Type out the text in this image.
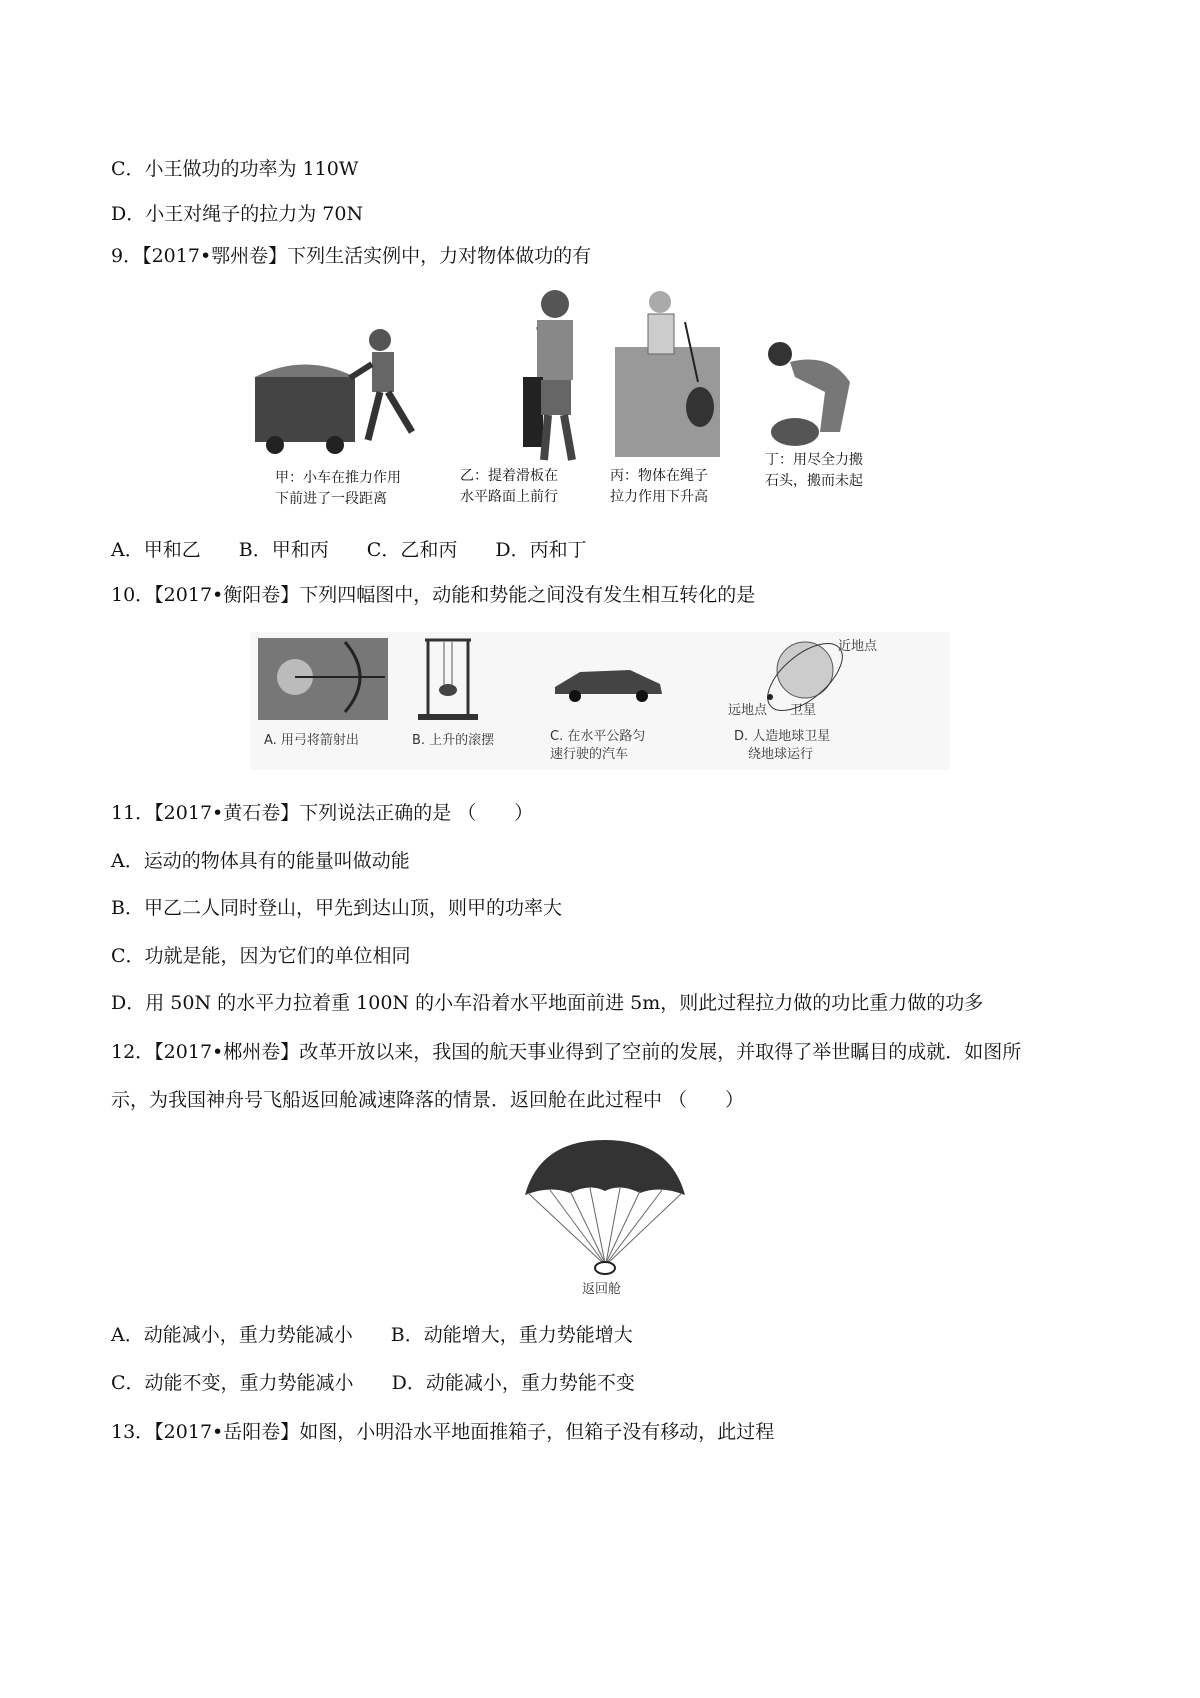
C．小王做功的功率为 110W
D．小王对绳子的拉力为 70N
9．【2017•鄂州卷】下列生活实例中，力对物体做功的有
甲：小车在推力作用
下前进了一段距离
乙：提着滑板在
水平路面上前行
丙：物体在绳子
拉力作用下升高
丁：用尽全力搬
石头，搬而未起
A．甲和乙 B．甲和丙 C．乙和丙 D．丙和丁
10．【2017•衡阳卷】下列四幅图中，动能和势能之间没有发生相互转化的是
A. 用弓将箭射出	B. 上升的滚摆	C. 在水平公路匀
速行驶的汽车
近地点
远地点 卫星
D. 人造地球卫星
绕地球运行
11．【2017•黄石卷】下列说法正确的是 （　　）
A．运动的物体具有的能量叫做动能
B．甲乙二人同时登山，甲先到达山顶，则甲的功率大
C．功就是能，因为它们的单位相同
D．用 50N 的水平力拉着重 100N 的小车沿着水平地面前进 5m，则此过程拉力做的功比重力做的功多
12．【2017•郴州卷】改革开放以来，我国的航天事业得到了空前的发展，并取得了举世瞩目的成就．如图所
示，为我国神舟号飞船返回舱减速降落的情景．返回舱在此过程中 （　　）
返回舱
A．动能减小，重力势能减小 B．动能增大，重力势能增大
C．动能不变，重力势能减小 D．动能减小，重力势能不变
13．【2017•岳阳卷】如图，小明沿水平地面推箱子，但箱子没有移动，此过程
